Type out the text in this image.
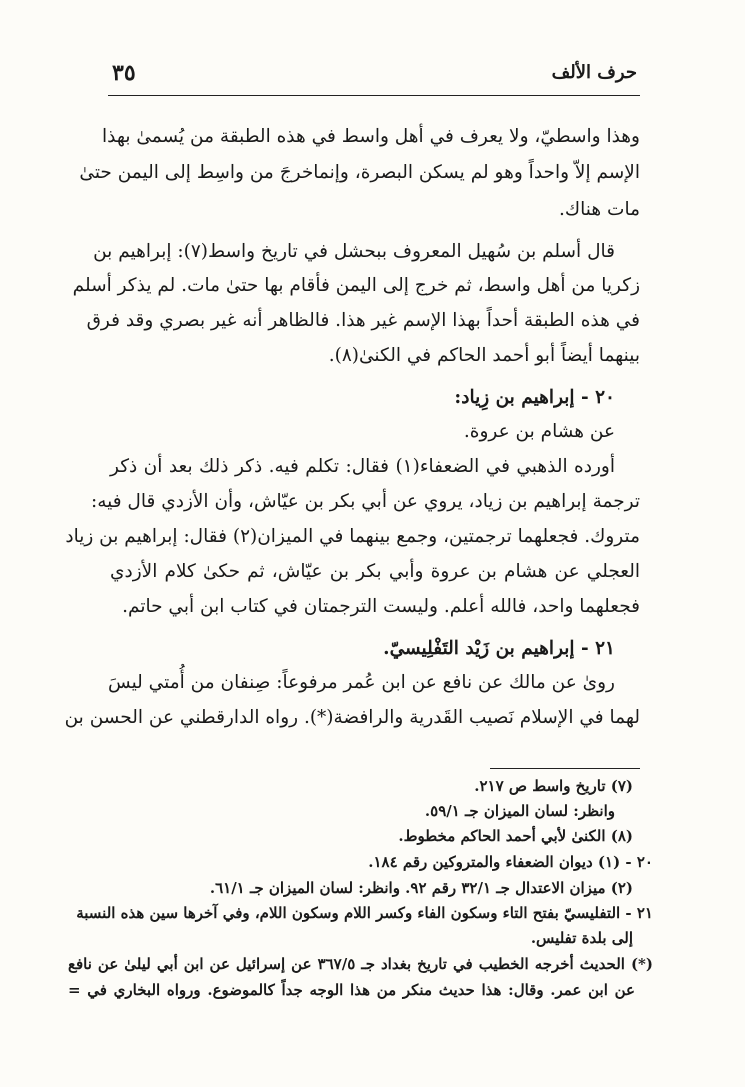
حرف الألف
٣٥
وهذا واسطيّ، ولا يعرف في أهل واسط في هذه الطبقة من يُسمىٰ بهذا
الإسم إلاّ واحداً وهو لم يسكن البصرة، وإنماخرجَ من واسِط إلى اليمن حتىٰ
مات هناك.
قال أسلم بن سُهيل المعروف ببحشل في تاريخ واسط(٧): إبراهيم بن
زكريا من أهل واسط، ثم خرج إلى اليمن فأقام بها حتىٰ مات. لم يذكر أسلم
في هذه الطبقة أحداً بهذا الإسم غير هذا. فالظاهر أنه غير بصري وقد فرق
بينهما أيضاً أبو أحمد الحاكم في الكنىٰ(٨).
٢٠ - إبراهيم بن زِياد:
عن هشام بن عروة.
أورده الذهبي في الضعفاء(١) فقال: تكلم فيه. ذكر ذلك بعد أن ذكر
ترجمة إبراهيم بن زياد، يروي عن أبي بكر بن عيّاش، وأن الأزدي قال فيه:
متروك. فجعلهما ترجمتين، وجمع بينهما في الميزان(٢) فقال: إبراهيم بن زياد
العجلي عن هشام بن عروة وأبي بكر بن عيّاش، ثم حكىٰ كلام الأزدي
فجعلهما واحد، فالله أعلم. وليست الترجمتان في كتاب ابن أبي حاتم.
٢١ - إبراهيم بن زَيْد التَفْلِيسيّ.
روىٰ عن مالك عن نافع عن ابن عُمر مرفوعاً: صِنفان من أُمتي ليسَ
لهما في الإسلام نَصيب القَدرية والرافضة(*). رواه الدارقطني عن الحسن بن
(٧) تاريخ واسط ص ٢١٧.
وانظر: لسان الميزان جـ ٥٩/١.
(٨) الكنىٰ لأبي أحمد الحاكم مخطوط.
٢٠ - (١) ديوان الضعفاء والمتروكين رقم ١٨٤.
(٢) ميزان الاعتدال جـ ٣٢/١ رقم ٩٢. وانظر: لسان الميزان جـ ٦١/١.
٢١ - التفليسيّ بفتح التاء وسكون الفاء وكسر اللام وسكون اللام، وفي آخرها سين هذه النسبة
إلى بلدة تفليس.
(*) الحديث أخرجه الخطيب في تاريخ بغداد جـ ٣٦٧/٥ عن إسرائيل عن ابن أبي ليلىٰ عن نافع
عن ابن عمر. وقال: هذا حديث منكر من هذا الوجه جداً كالموضوع. ورواه البخاري في =
